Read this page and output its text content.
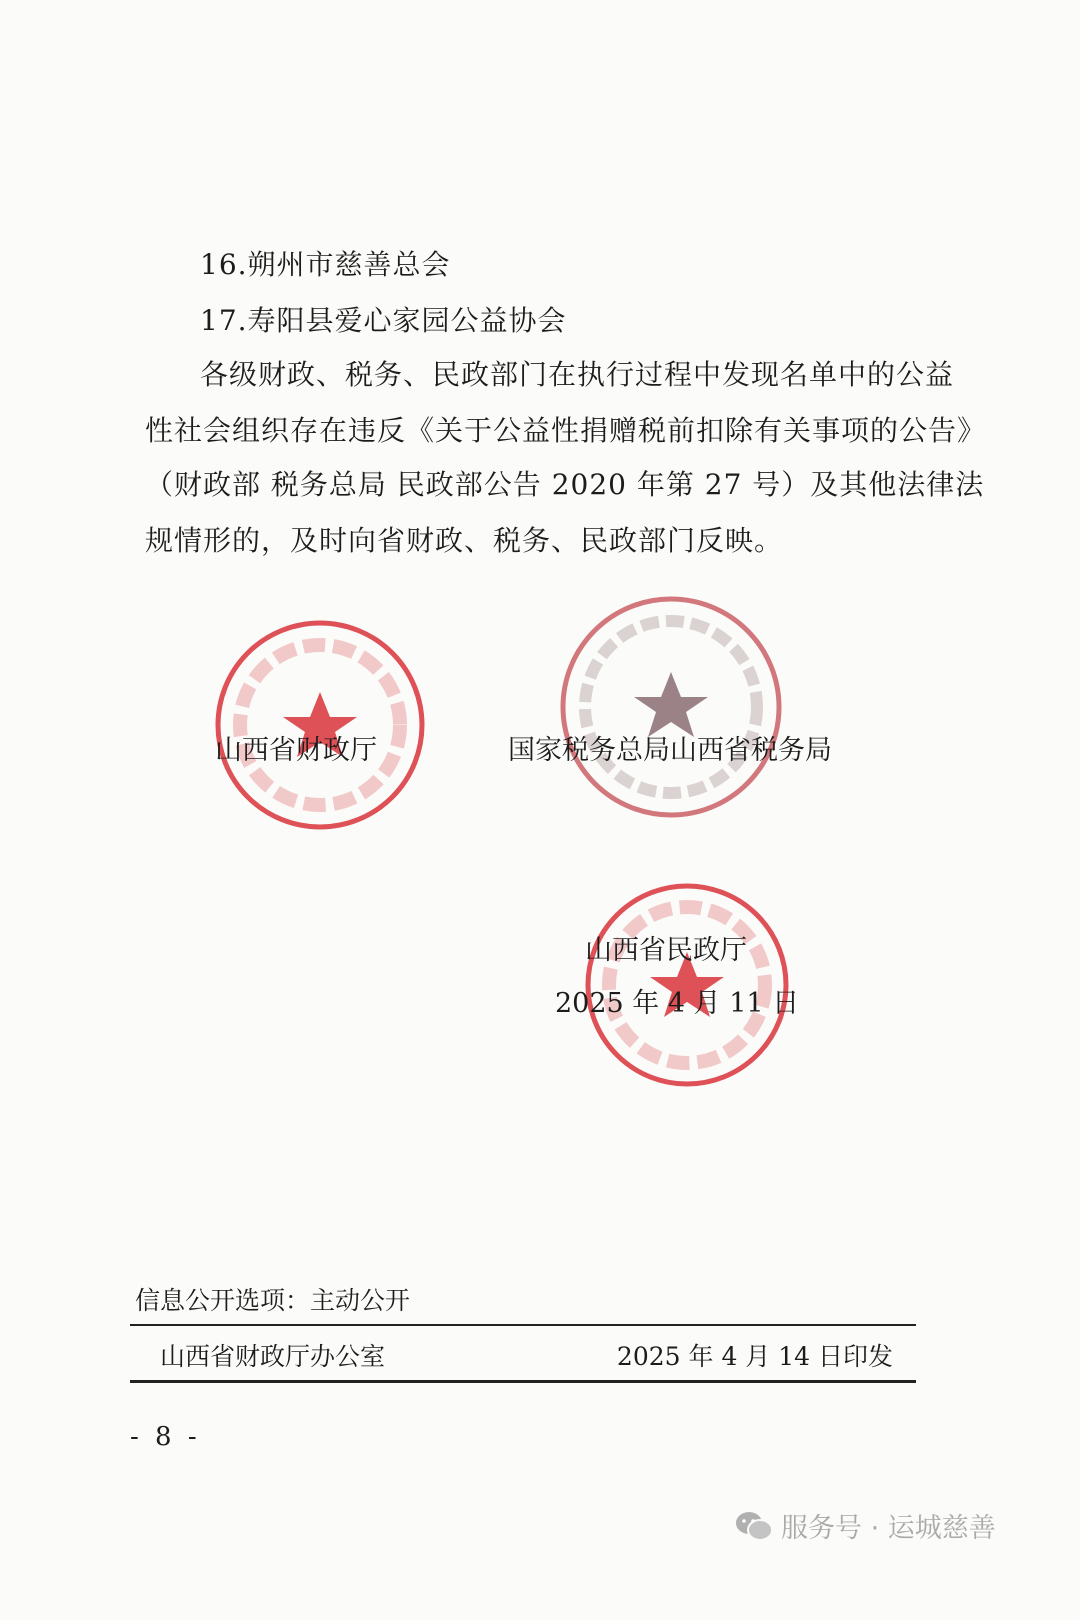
16.朔州市慈善总会
17.寿阳县爱心家园公益协会
各级财政、税务、民政部门在执行过程中发现名单中的公益
性社会组织存在违反《关于公益性捐赠税前扣除有关事项的公告》
（财政部 税务总局 民政部公告 2020 年第 27 号）及其他法律法
规情形的，及时向省财政、税务、民政部门反映。
山西省财政厅	国家税务总局山西省税务局
山西省民政厅
2025 年 4 月 11 日
信息公开选项：主动公开
山西省财政厅办公室	2025 年 4 月 14 日印发
- 8 -
服务号 · 运城慈善
